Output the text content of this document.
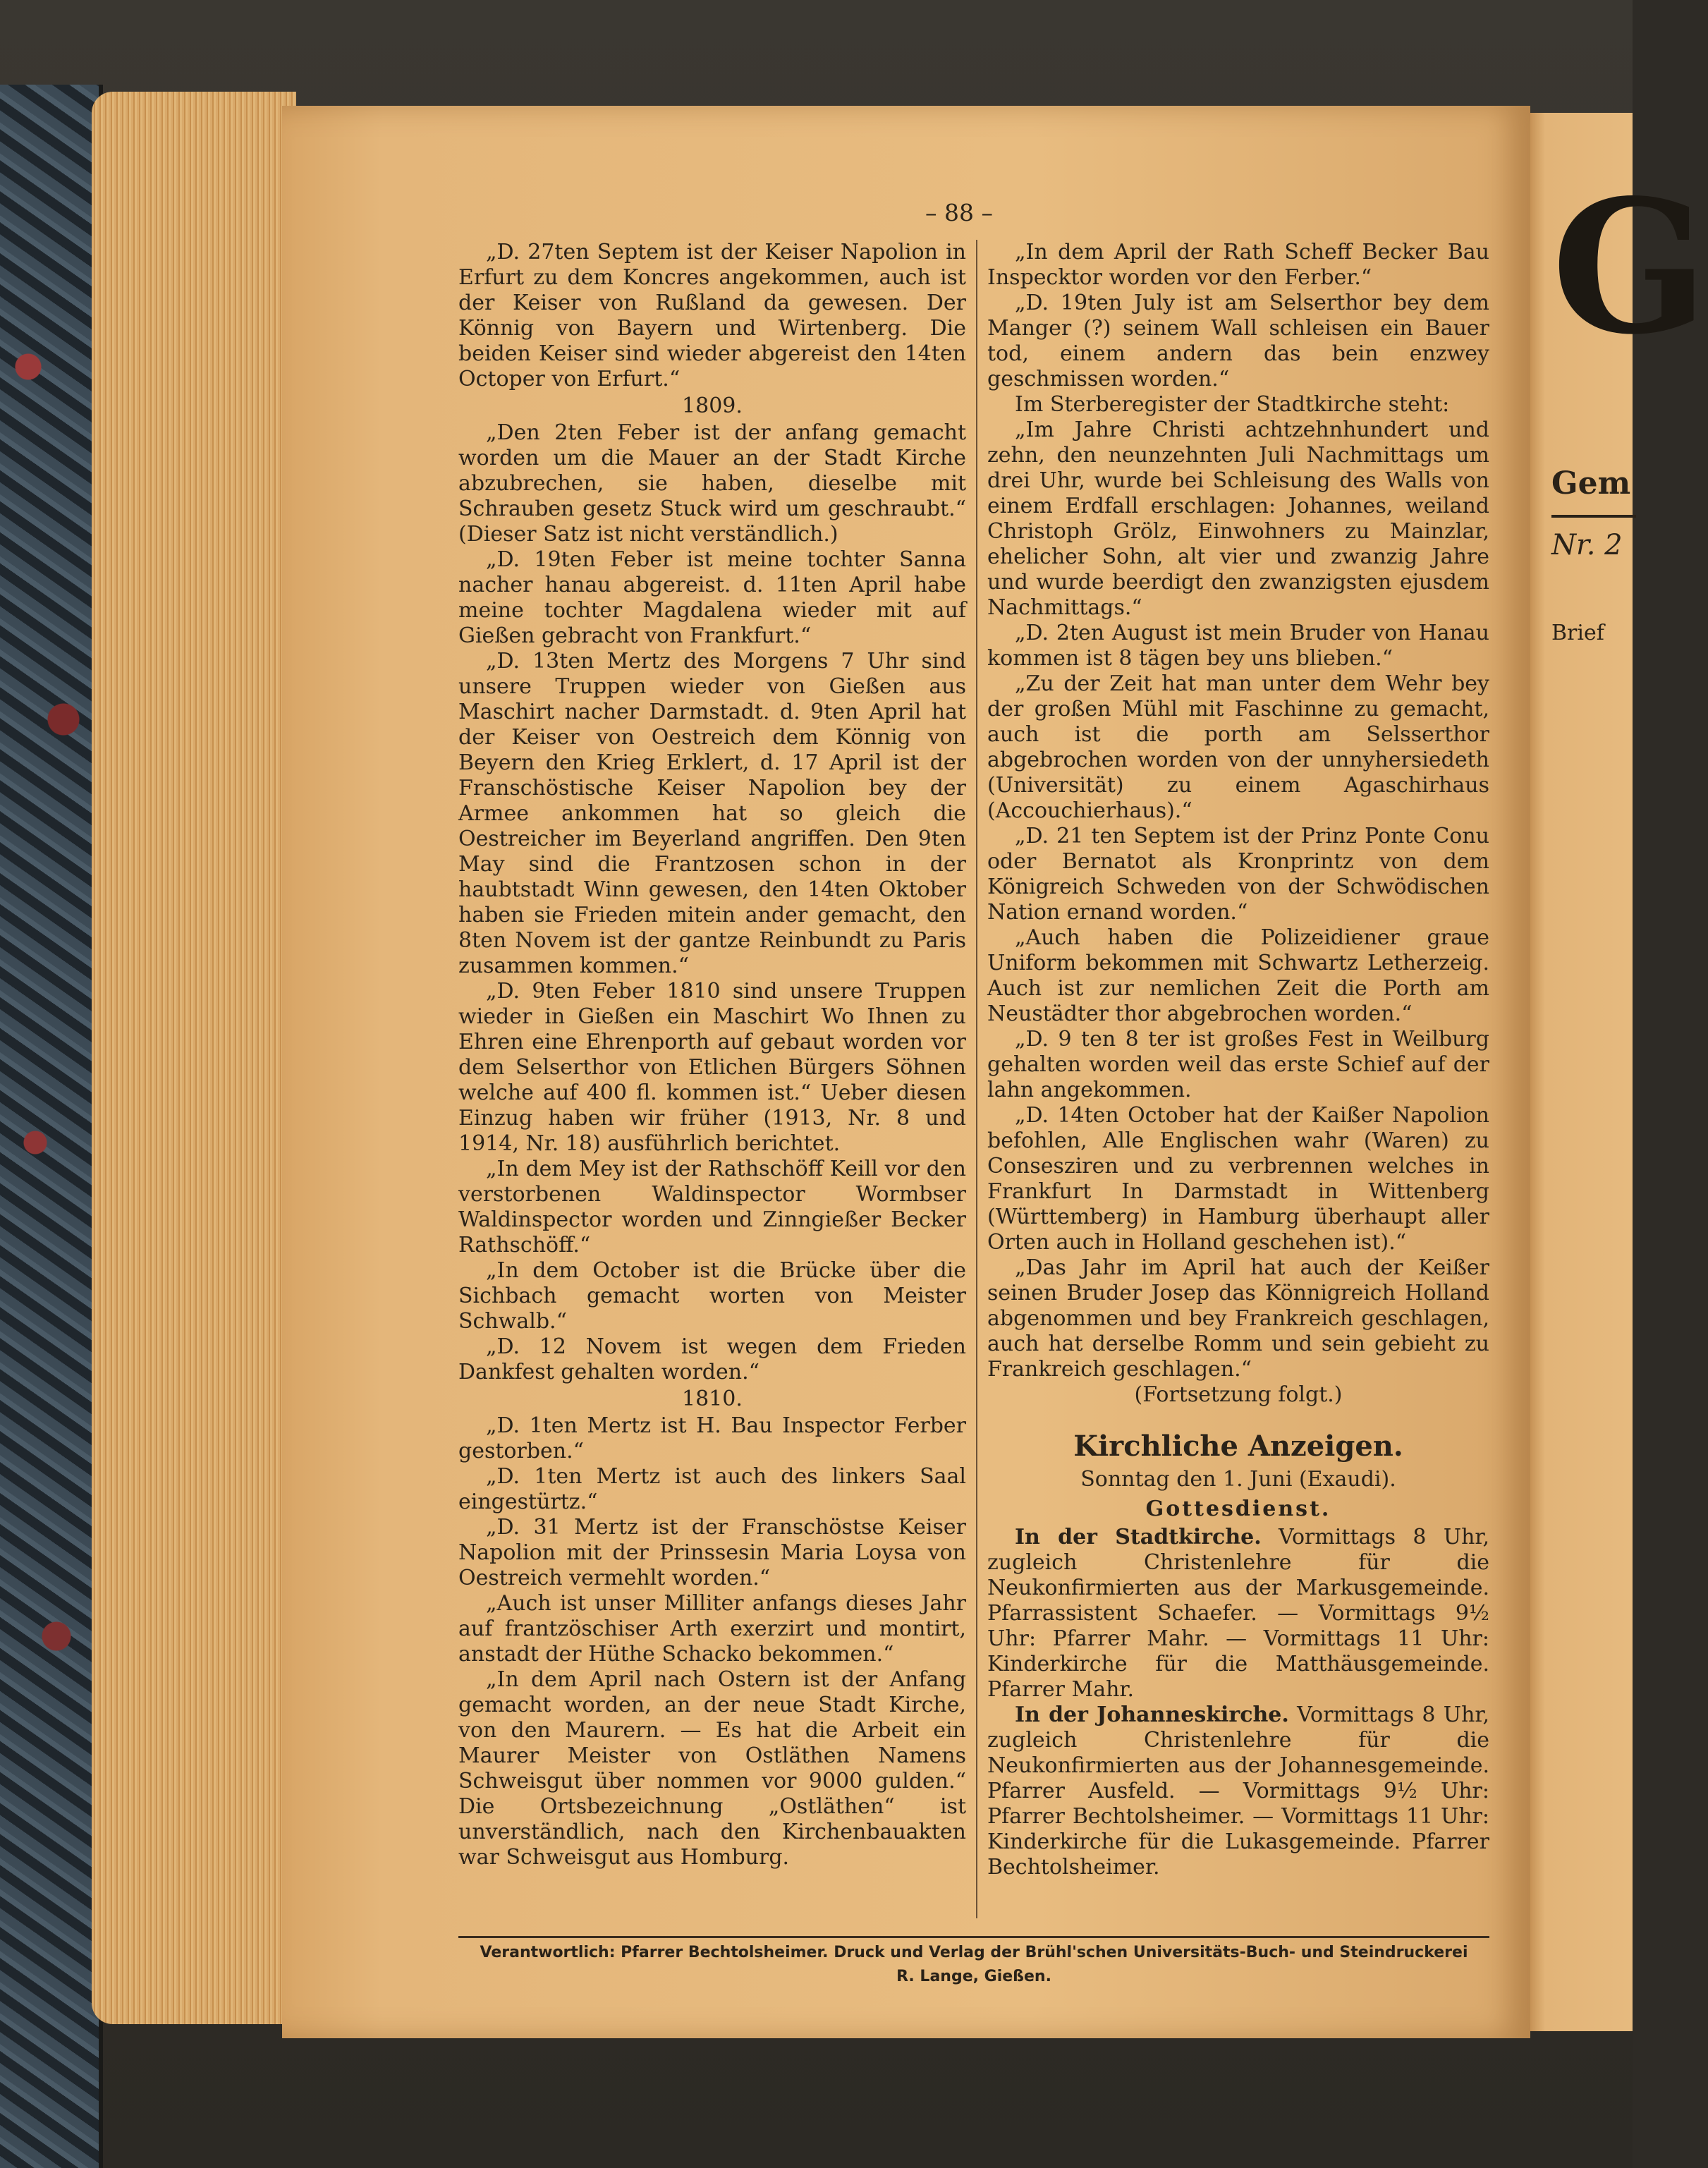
G
Gem
Nr. 2
Brief
– 88 –

„D. 27ten Septem ist der Keiser Napolion in Erfurt zu dem Koncres angekommen, auch ist der Keiser von Rußland da gewesen. Der Könnig von Bayern und Wirtenberg. Die beiden Keiser sind wieder abgereist den 14ten Octoper von Erfurt.“

1809.

„Den 2ten Feber ist der anfang gemacht worden um die Mauer an der Stadt Kirche abzubrechen, sie haben, dieselbe mit Schrauben gesetz Stuck wird um geschraubt.“ (Dieser Satz ist nicht verständlich.)

„D. 19ten Feber ist meine tochter Sanna nacher hanau abgereist. d. 11ten April habe meine tochter Magdalena wieder mit auf Gießen gebracht von Frankfurt.“

„D. 13ten Mertz des Morgens 7 Uhr sind unsere Truppen wieder von Gießen aus Maschirt nacher Darmstadt. d. 9ten April hat der Keiser von Oestreich dem Könnig von Beyern den Krieg Erklert, d. 17 April ist der Franschöstische Keiser Napolion bey der Armee ankommen hat so gleich die Oestreicher im Beyerland angriffen. Den 9ten May sind die Frantzosen schon in der haubtstadt Winn gewesen, den 14ten Oktober haben sie Frieden mitein ander gemacht, den 8ten Novem ist der gantze Reinbundt zu Paris zusammen kommen.“

„D. 9ten Feber 1810 sind unsere Truppen wieder in Gießen ein Maschirt Wo Ihnen zu Ehren eine Ehrenporth auf gebaut worden vor dem Selserthor von Etlichen Bürgers Söhnen welche auf 400 fl. kommen ist.“ Ueber diesen Einzug haben wir früher (1913, Nr. 8 und 1914, Nr. 18) ausführlich berichtet.

„In dem Mey ist der Rathschöff Keill vor den verstorbenen Waldinspector Wormbser Waldinspector worden und Zinngießer Becker Rathschöff.“

„In dem October ist die Brücke über die Sichbach gemacht worten von Meister Schwalb.“

„D. 12 Novem ist wegen dem Frieden Dankfest gehalten worden.“

1810.

„D. 1ten Mertz ist H. Bau Inspector Ferber gestorben.“

„D. 1ten Mertz ist auch des linkers Saal eingestürtz.“

„D. 31 Mertz ist der Franschöstse Keiser Napolion mit der Prinssesin Maria Loysa von Oestreich vermehlt worden.“

„Auch ist unser Milliter anfangs dieses Jahr auf frantzöschiser Arth exerzirt und montirt, anstadt der Hüthe Schacko bekommen.“

„In dem April nach Ostern ist der Anfang gemacht worden, an der neue Stadt Kirche, von den Maurern. — Es hat die Arbeit ein Maurer Meister von Ostläthen Namens Schweisgut über nommen vor 9000 gulden.“ Die Ortsbezeichnung „Ostläthen“ ist unverständlich, nach den Kirchenbauakten war Schweisgut aus Homburg.

„In dem April der Rath Scheff Becker Bau Inspecktor worden vor den Ferber.“

„D. 19ten July ist am Selserthor bey dem Manger (?) seinem Wall schleisen ein Bauer tod, einem andern das bein enzwey geschmissen worden.“

Im Sterberegister der Stadtkirche steht:

„Im Jahre Christi achtzehnhundert und zehn, den neunzehnten Juli Nachmittags um drei Uhr, wurde bei Schleisung des Walls von einem Erdfall erschlagen: Johannes, weiland Christoph Grölz, Einwohners zu Mainzlar, ehelicher Sohn, alt vier und zwanzig Jahre und wurde beerdigt den zwanzigsten ejusdem Nachmittags.“

„D. 2ten August ist mein Bruder von Hanau kommen ist 8 tägen bey uns blieben.“

„Zu der Zeit hat man unter dem Wehr bey der großen Mühl mit Faschinne zu gemacht, auch ist die porth am Selsserthor abgebrochen worden von der unnyhersiedeth (Universität) zu einem Agaschirhaus (Accouchierhaus).“

„D. 21 ten Septem ist der Prinz Ponte Conu oder Bernatot als Kronprintz von dem Königreich Schweden von der Schwödischen Nation ernand worden.“

„Auch haben die Polizeidiener graue Uniform bekommen mit Schwartz Letherzeig. Auch ist zur nemlichen Zeit die Porth am Neustädter thor abgebrochen worden.“

„D. 9 ten 8 ter ist großes Fest in Weilburg gehalten worden weil das erste Schief auf der lahn angekommen.

„D. 14ten October hat der Kaißer Napolion befohlen, Alle Englischen wahr (Waren) zu Consesziren und zu verbrennen welches in Frankfurt In Darmstadt in Wittenberg (Württemberg) in Hamburg überhaupt aller Orten auch in Holland geschehen ist).“

„Das Jahr im April hat auch der Keißer seinen Bruder Josep das Könnigreich Holland abgenommen und bey Frankreich geschlagen, auch hat derselbe Romm und sein gebieht zu Frankreich geschlagen.“

(Fortsetzung folgt.)
Kirchliche Anzeigen.
Sonntag den 1. Juni (Exaudi).
Gottesdienst.

In der Stadtkirche. Vormittags 8 Uhr, zugleich Christenlehre für die Neukonfirmierten aus der Markusgemeinde. Pfarrassistent Schaefer. — Vormittags 9½ Uhr: Pfarrer Mahr. — Vormittags 11 Uhr: Kinderkirche für die Matthäusgemeinde. Pfarrer Mahr.

In der Johanneskirche. Vormittags 8 Uhr, zugleich Christenlehre für die Neukonfirmierten aus der Johannesgemeinde. Pfarrer Ausfeld. — Vormittags 9½ Uhr: Pfarrer Bechtolsheimer. — Vormittags 11 Uhr: Kinderkirche für die Lukasgemeinde. Pfarrer Bechtolsheimer.

Verantwortlich: Pfarrer Bechtolsheimer. Druck und Verlag der Brühl'schen Universitäts-Buch- und Steindruckerei
R. Lange, Gießen.
